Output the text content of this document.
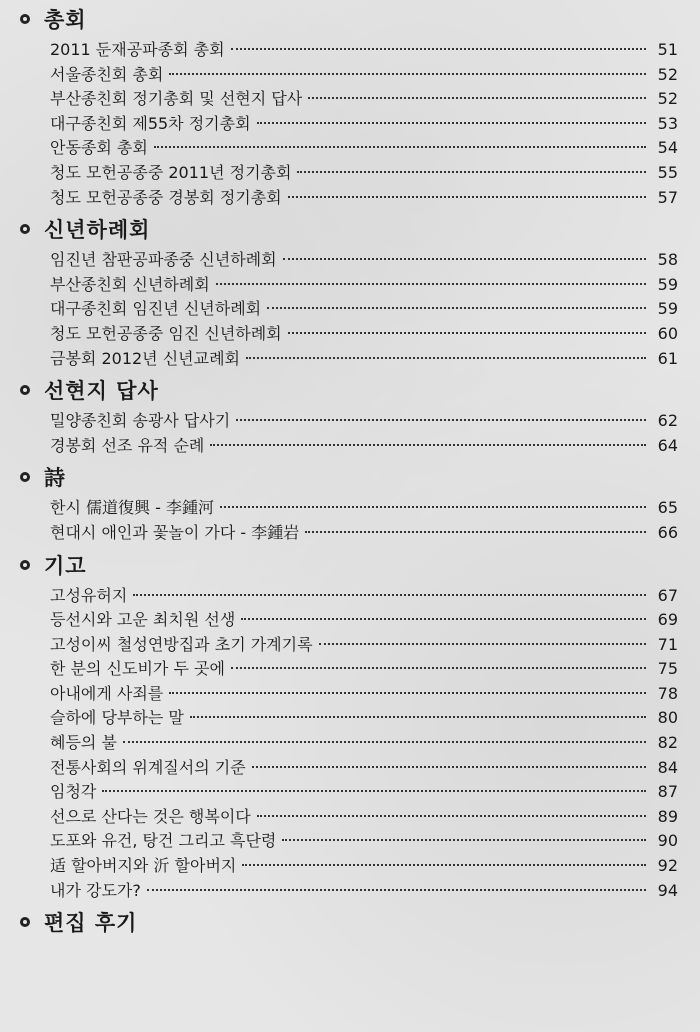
총회
2011 둔재공파종회 총회	51
서울종친회 총회	52
부산종친회 정기총회 및 선현지 답사	52
대구종친회 제55차 정기총회	53
안동종회 총회	54
청도 모헌공종중 2011년 정기총회	55
청도 모헌공종중 경봉회 정기총회	57
신년하례회
임진년 참판공파종중 신년하례회	58
부산종친회 신년하례회	59
대구종친회 임진년 신년하례회	59
청도 모헌공종중 임진 신년하례회	60
금봉회 2012년 신년교례회	61
선현지 답사
밀양종친회 송광사 답사기	62
경봉회 선조 유적 순례	64
詩
한시 儒道復興 - 李鍾河	65
현대시 애인과 꽃놀이 가다 - 李鍾岩	66
기고
고성유허지	67
등선시와 고운 최치원 선생	69
고성이씨 철성연방집과 초기 가계기록	71
한 분의 신도비가 두 곳에	75
아내에게 사죄를	78
슬하에 당부하는 말	80
혜등의 불	82
전통사회의 위계질서의 기준	84
임청각	87
선으로 산다는 것은 행복이다	89
도포와 유건, 탕건 그리고 흑단령	90
适 할아버지와 沂 할아버지	92
내가 강도가?	94
편집 후기
